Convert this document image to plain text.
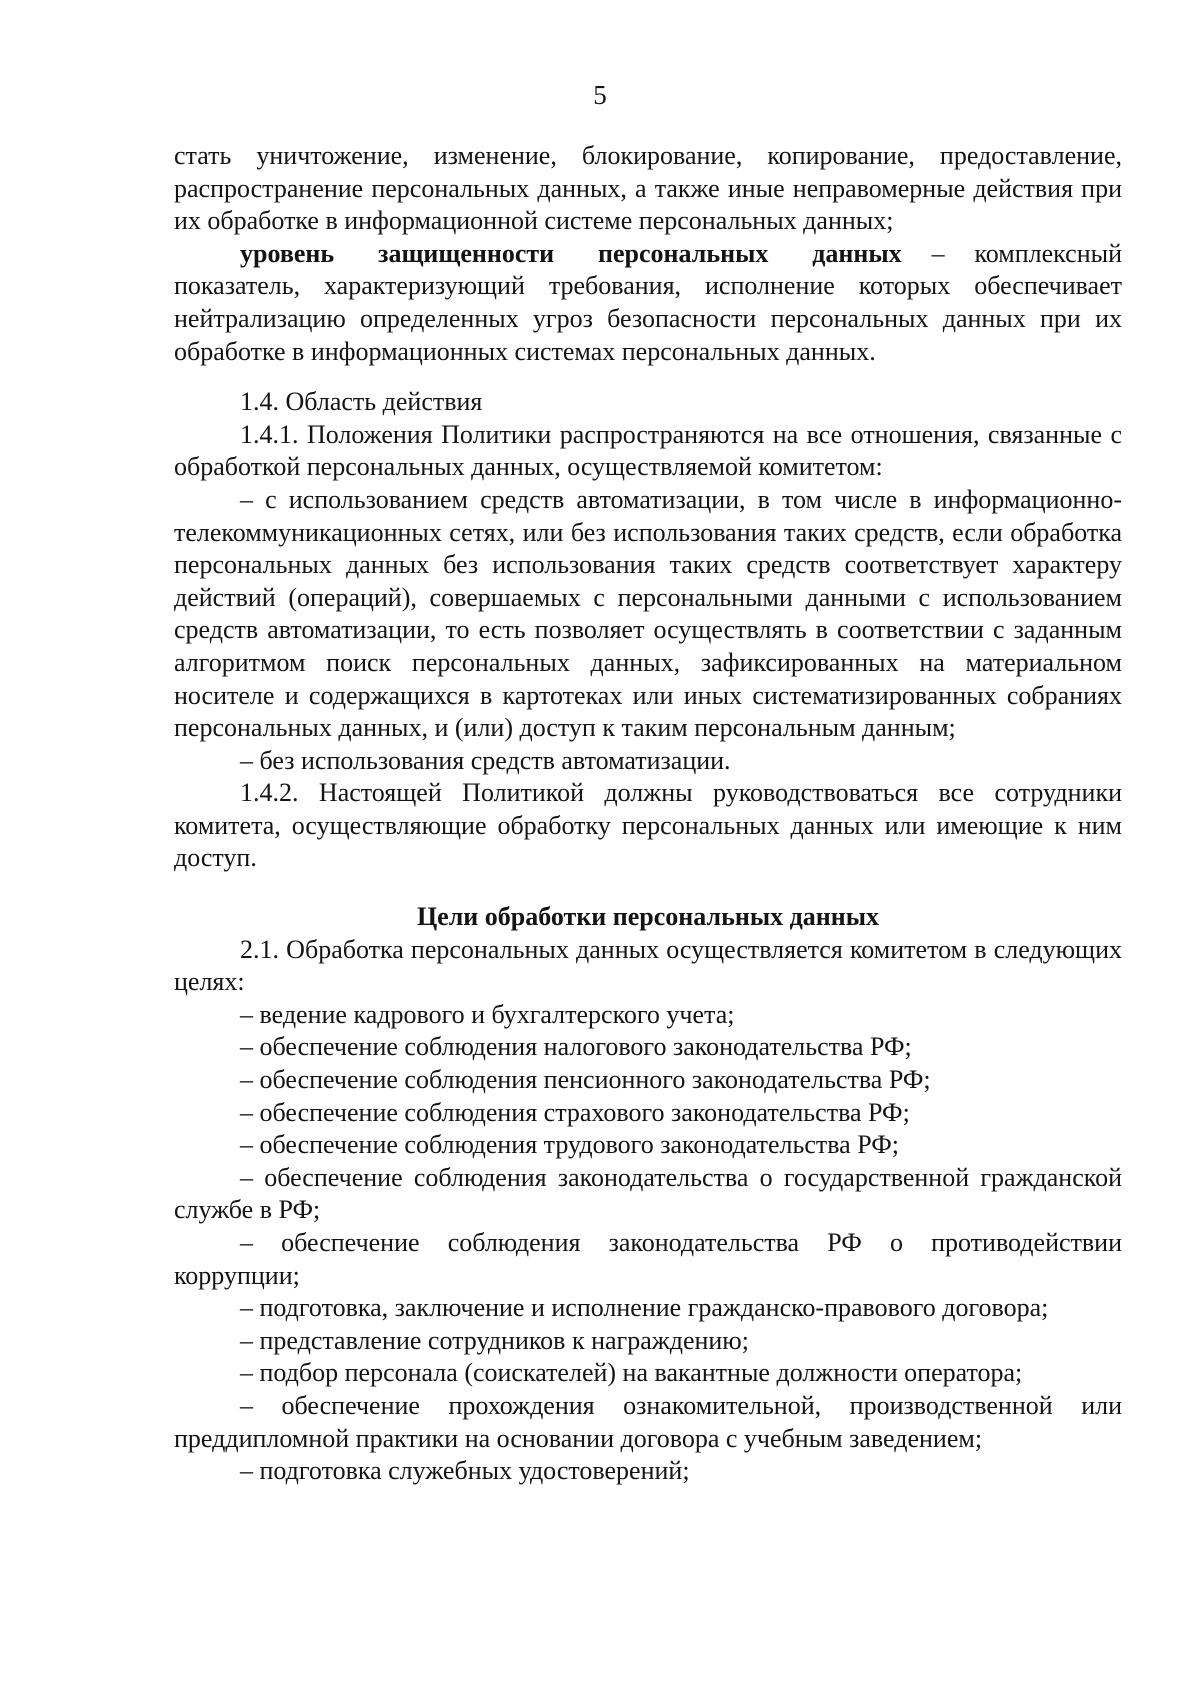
5

стать уничтожение, изменение, блокирование, копирование, предоставление, распространение персональных данных, а также иные неправомерные действия при их обработке в информационной системе персональных данных;

уровень защищенности персональных данных – комплексный показатель, характеризующий требования, исполнение которых обеспечивает нейтрализацию определенных угроз безопасности персональных данных при их обработке в информационных системах персональных данных.

1.4. Область действия

1.4.1. Положения Политики распространяются на все отношения, связанные с обработкой персональных данных, осуществляемой комитетом:

– с использованием средств автоматизации, в том числе в информационно-телекоммуникационных сетях, или без использования таких средств, если обработка персональных данных без использования таких средств соответствует характеру действий (операций), совершаемых с персональными данными с использованием средств автоматизации, то есть позволяет осуществлять в соответствии с заданным алгоритмом поиск персональных данных, зафиксированных на материальном носителе и содержащихся в картотеках или иных систематизированных собраниях персональных данных, и (или) доступ к таким персональным данным;

– без использования средств автоматизации.

1.4.2. Настоящей Политикой должны руководствоваться все сотрудники комитета, осуществляющие обработку персональных данных или имеющие к ним доступ.

Цели обработки персональных данных

2.1. Обработка персональных данных осуществляется комитетом в следующих целях:

– ведение кадрового и бухгалтерского учета;

– обеспечение соблюдения налогового законодательства РФ;

– обеспечение соблюдения пенсионного законодательства РФ;

– обеспечение соблюдения страхового законодательства РФ;

– обеспечение соблюдения трудового законодательства РФ;

– обеспечение соблюдения законодательства о государственной гражданской службе в РФ;

– обеспечение соблюдения законодательства РФ о противодействии коррупции;

– подготовка, заключение и исполнение гражданско-правового договора;

– представление сотрудников к награждению;

– подбор персонала (соискателей) на вакантные должности оператора;

– обеспечение прохождения ознакомительной, производственной или преддипломной практики на основании договора с учебным заведением;

– подготовка служебных удостоверений;
